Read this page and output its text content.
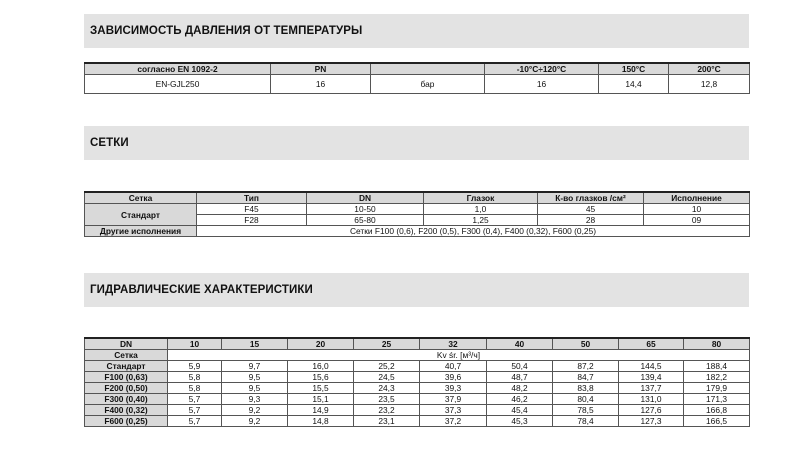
ЗАВИСИМОСТЬ ДАВЛЕНИЯ ОТ ТЕМПЕРАТУРЫ
согласно EN 1092-2	PN		-10°C÷120°C	150°C	200°C
EN-GJL250	16	бар	16	14,4	12,8
СЕТКИ
Сетка	Тип	DN	Глазок	К-во глазков /cм²	Исполнение
Стандарт	F45	10-50	1,0	45	10
	F28	65-80	1,25	28	09
Другие исполнения	Сетки F100 (0,6), F200 (0,5), F300 (0,4), F400 (0,32), F600 (0,25)				
ГИДРАВЛИЧЕСКИЕ ХАРАКТЕРИСТИКИ
DN	10	15	20	25	32	40	50	65	80
Сетка	Kv śr. [м³/ч]								
Стандарт	5,9	9,7	16,0	25,2	40,7	50,4	87,2	144,5	188,4
F100 (0,63)	5,8	9,5	15,6	24,5	39,6	48,7	84,7	139,4	182,2
F200 (0,50)	5,8	9,5	15,5	24,3	39,3	48,2	83,8	137,7	179,9
F300 (0,40)	5,7	9,3	15,1	23,5	37,9	46,2	80,4	131,0	171,3
F400 (0,32)	5,7	9,2	14,9	23,2	37,3	45,4	78,5	127,6	166,8
F600 (0,25)	5,7	9,2	14,8	23,1	37,2	45,3	78,4	127,3	166,5
